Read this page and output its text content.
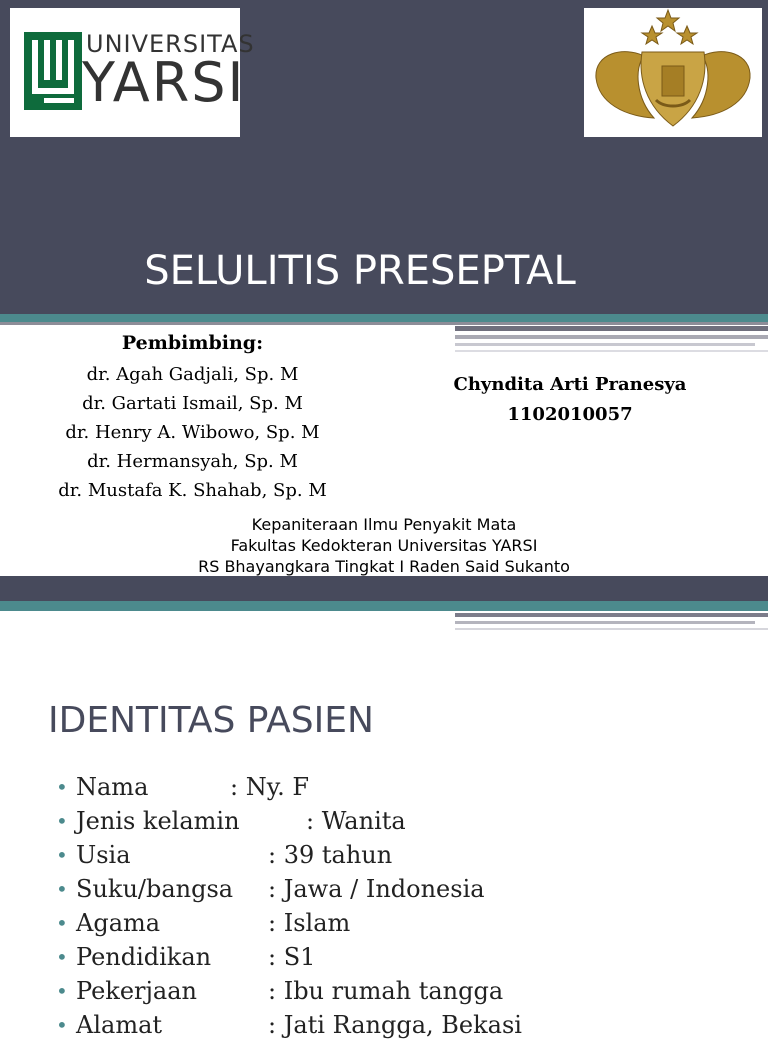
UNIVERSITAS
YARSI
SELULITIS PRESEPTAL
Pembimbing:
dr. Agah Gadjali, Sp. M
dr. Gartati Ismail, Sp. M
dr. Henry A. Wibowo, Sp. M
dr. Hermansyah, Sp. M
dr. Mustafa K. Shahab, Sp. M
Chyndita Arti Pranesya
1102010057
Kepaniteraan Ilmu Penyakit Mata
Fakultas Kedokteran Universitas YARSI
RS Bhayangkara Tingkat I Raden Said Sukanto
IDENTITAS PASIEN
• Nama	: Ny. F
• Jenis kelamin	: Wanita
• Usia	: 39 tahun
• Suku/bangsa : Jawa / Indonesia
• Agama	: Islam
• Pendidikan : S1
• Pekerjaan	: Ibu rumah tangga
• Alamat	: Jati Rangga, Bekasi
